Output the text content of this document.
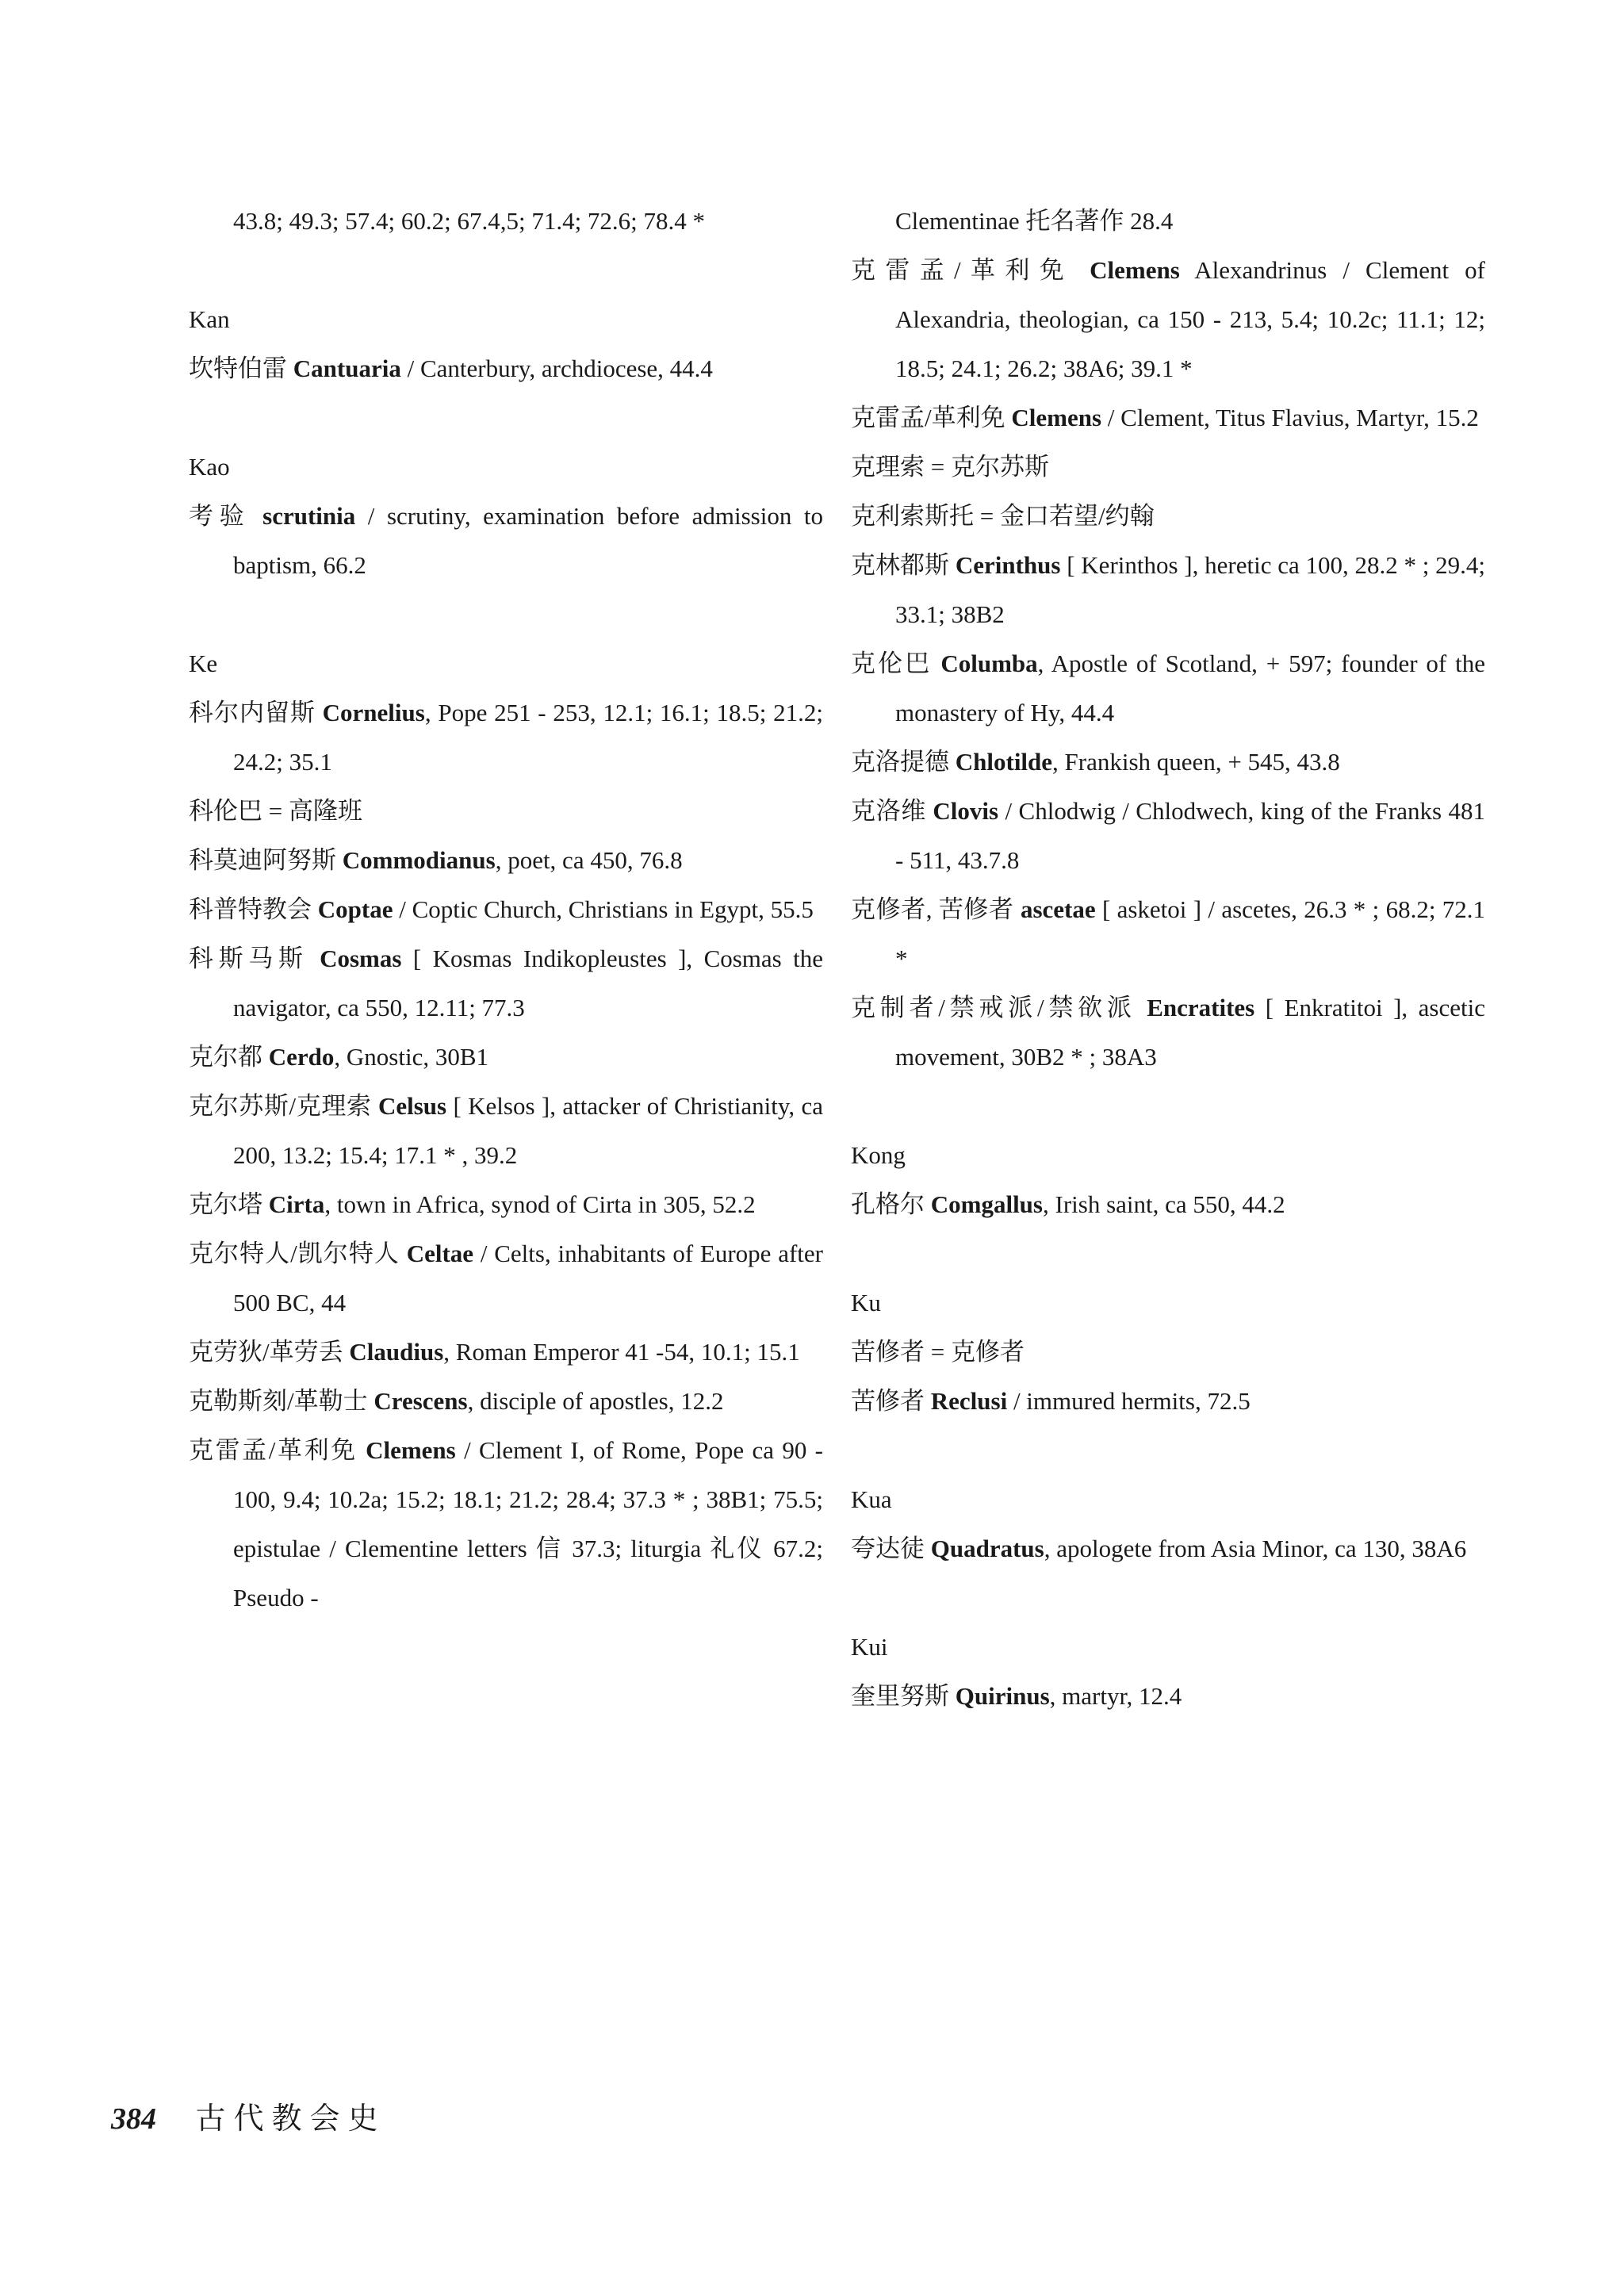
43.8; 49.3; 57.4; 60.2; 67.4,5; 71.4; 72.6; 78.4 *
Kan
坎特伯雷 Cantuaria / Canterbury, archdiocese, 44.4
Kao
考验 scrutinia / scrutiny, examination before admission to baptism, 66.2
Ke
科尔内留斯 Cornelius, Pope 251 - 253, 12.1; 16.1; 18.5; 21.2; 24.2; 35.1
科伦巴 = 高隆班
科莫迪阿努斯 Commodianus, poet, ca 450, 76.8
科普特教会 Coptae / Coptic Church, Christians in Egypt, 55.5
科斯马斯 Cosmas [ Kosmas Indikopleustes ], Cosmas the navigator, ca 550, 12.11; 77.3
克尔都 Cerdo, Gnostic, 30B1
克尔苏斯/克理索 Celsus [ Kelsos ], attacker of Christianity, ca 200, 13.2; 15.4; 17.1 * , 39.2
克尔塔 Cirta, town in Africa, synod of Cirta in 305, 52.2
克尔特人/凯尔特人 Celtae / Celts, inhabitants of Europe after 500 BC, 44
克劳狄/革劳丢 Claudius, Roman Emperor 41 -54, 10.1; 15.1
克勒斯刻/革勒士 Crescens, disciple of apostles, 12.2
克雷孟/革利免 Clemens / Clement I, of Rome, Pope ca 90 - 100, 9.4; 10.2a; 15.2; 18.1; 21.2; 28.4; 37.3 * ; 38B1; 75.5; epistulae / Clementine letters 信 37.3; liturgia 礼仪 67.2; Pseudo -
Clementinae 托名著作 28.4
克雷孟/革利免 Clemens Alexandrinus / Clement of Alexandria, theologian, ca 150 - 213, 5.4; 10.2c; 11.1; 12; 18.5; 24.1; 26.2; 38A6; 39.1 *
克雷孟/革利免 Clemens / Clement, Titus Flavius, Martyr, 15.2
克理索 = 克尔苏斯
克利索斯托 = 金口若望/约翰
克林都斯 Cerinthus [ Kerinthos ], heretic ca 100, 28.2 * ; 29.4; 33.1; 38B2
克伦巴 Columba, Apostle of Scotland, + 597; founder of the monastery of Hy, 44.4
克洛提德 Chlotilde, Frankish queen, + 545, 43.8
克洛维 Clovis / Chlodwig / Chlodwech, king of the Franks 481 - 511, 43.7.8
克修者, 苦修者 ascetae [ asketoi ] / ascetes, 26.3 * ; 68.2; 72.1 *
克制者/禁戒派/禁欲派 Encratites [ Enkratitoi ], ascetic movement, 30B2 * ; 38A3
Kong
孔格尔 Comgallus, Irish saint, ca 550, 44.2
Ku
苦修者 = 克修者
苦修者 Reclusi / immured hermits, 72.5
Kua
夸达徒 Quadratus, apologete from Asia Minor, ca 130, 38A6
Kui
奎里努斯 Quirinus, martyr, 12.4
384 古代教会史
